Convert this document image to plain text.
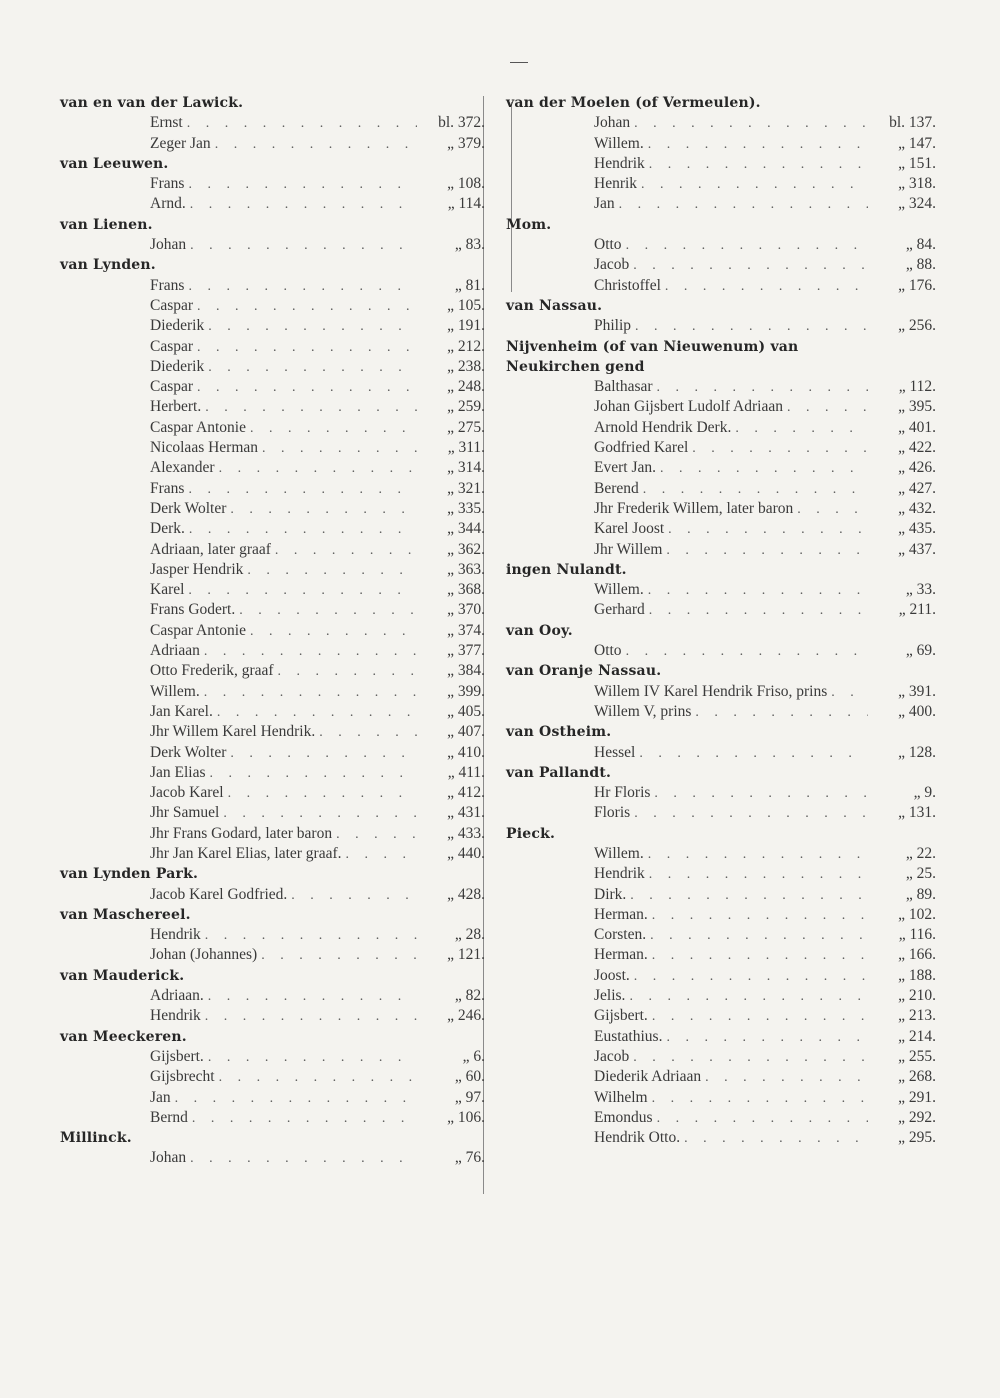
van en van der Lawick.
Ernst . . .	bl. 372.
Zeger Jan . . .	„ 379.
van Leeuwen.
Frans . . .	„ 108.
Arnd. . . .	„ 114.
van Lienen.
Johan . . .	„ 83.
van Lynden.
Frans . . .	„ 81.
Caspar . . .	„ 105.
Diederik . . .	„ 191.
Caspar . . .	„ 212.
Diederik . . .	„ 238.
Caspar . . .	„ 248.
Herbert. . . .	„ 259.
Caspar Antonie . . .	„ 275.
Nicolaas Herman . . .	„ 311.
Alexander . . .	„ 314.
Frans . . .	„ 321.
Derk Wolter . . .	„ 335.
Derk. . . .	„ 344.
Adriaan, later graaf . . .	„ 362.
Jasper Hendrik . . .	„ 363.
Karel . . .	„ 368.
Frans Godert. . . .	„ 370.
Caspar Antonie . . .	„ 374.
Adriaan . . .	„ 377.
Otto Frederik, graaf . . .	„ 384.
Willem. . . .	„ 399.
Jan Karel. . . .	„ 405.
Jhr Willem Karel Hendrik. . . .	„ 407.
Derk Wolter . . .	„ 410.
Jan Elias . . .	„ 411.
Jacob Karel . . .	„ 412.
Jhr Samuel . . .	„ 431.
Jhr Frans Godard, later baron . . .	„ 433.
Jhr Jan Karel Elias, later graaf. . . .	„ 440.
van Lynden Park.
Jacob Karel Godfried. . . .	„ 428.
van Maschereel.
Hendrik . . .	„ 28.
Johan (Johannes) . . .	„ 121.
van Mauderick.
Adriaan. . . .	„ 82.
Hendrik . . .	„ 246.
van Meeckeren.
Gijsbert. . . .	„ 6.
Gijsbrecht . . .	„ 60.
Jan . . .	„ 97.
Bernd . . .	„ 106.
Millinck.
Johan . . .	„ 76.
van der Moelen (of Vermeulen).
Johan . . .	bl. 137.
Willem. . . .	„ 147.
Hendrik . . .	„ 151.
Henrik . . .	„ 318.
Jan . . .	„ 324.
Mom.
Otto . . .	„ 84.
Jacob . . .	„ 88.
Christoffel . . .	„ 176.
van Nassau.
Philip . . .	„ 256.
Nijvenheim (of van Nieuwenum) van Neukirchen gend
Balthasar . . .	„ 112.
Johan Gijsbert Ludolf Adriaan . . .	„ 395.
Arnold Hendrik Derk. . . .	„ 401.
Godfried Karel . . .	„ 422.
Evert Jan. . . .	„ 426.
Berend . . .	„ 427.
Jhr Frederik Willem, later baron . . .	„ 432.
Karel Joost . . .	„ 435.
Jhr Willem . . .	„ 437.
ingen Nulandt.
Willem. . . .	„ 33.
Gerhard . . .	„ 211.
van Ooy.
Otto . . .	„ 69.
van Oranje Nassau.
Willem IV Karel Hendrik Friso, prins . . .	„ 391.
Willem V, prins . . .	„ 400.
van Ostheim.
Hessel . . .	„ 128.
van Pallandt.
Hr Floris . . .	„ 9.
Floris . . .	„ 131.
Pieck.
Willem. . . .	„ 22.
Hendrik . . .	„ 25.
Dirk. . . .	„ 89.
Herman. . . .	„ 102.
Corsten. . . .	„ 116.
Herman. . . .	„ 166.
Joost. . . .	„ 188.
Jelis. . . .	„ 210.
Gijsbert. . . .	„ 213.
Eustathius. . . .	„ 214.
Jacob . . .	„ 255.
Diederik Adriaan . . .	„ 268.
Wilhelm . . .	„ 291.
Emondus . . .	„ 292.
Hendrik Otto. . . .	„ 295.
